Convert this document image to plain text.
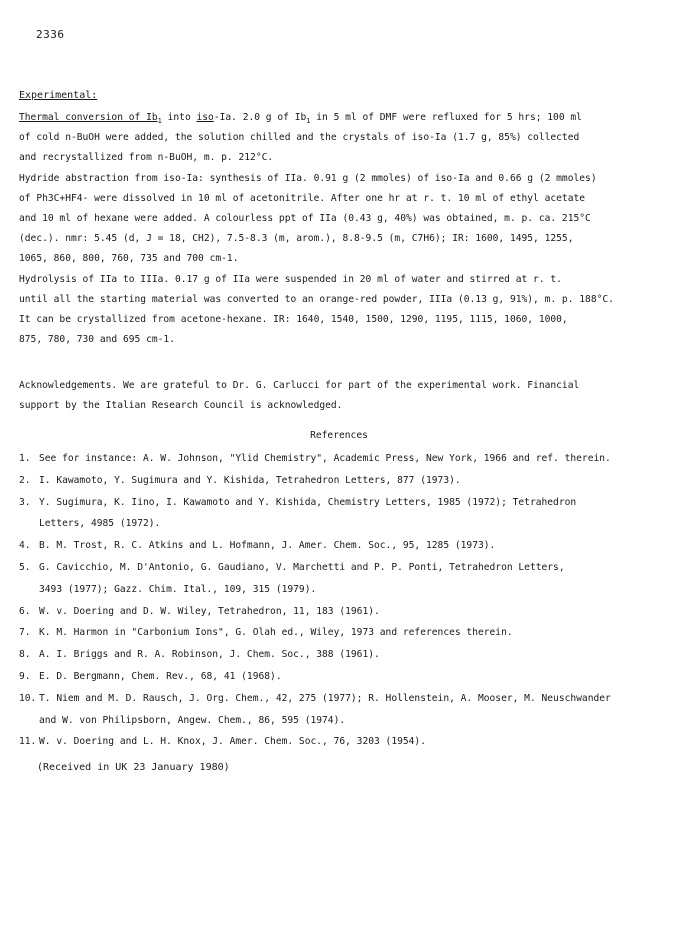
2336
Experimental:
Thermal conversion of $Ib_1$ into iso-Ia. 2.0 g of $Ib_1$ in 5 ml of DMF were refluxed for 5 hrs; 100 ml
of cold n-BuOH were added, the solution chilled and the crystals of iso-Ia (1.7 g, 85%) collected
and recrystallized from n-BuOH, m. p. 212°C.
Hydride abstraction from iso-Ia: synthesis of IIa. 0.91 g (2 mmoles) of iso-Ia and 0.66 g (2 mmoles)
of Ph3C+HF4- were dissolved in 10 ml of acetonitrile. After one hr at r. t. 10 ml of ethyl acetate
and 10 ml of hexane were added. A colourless ppt of IIa (0.43 g, 40%) was obtained, m. p. ca. 215°C
(dec.). nmr: 5.45 (d, J = 18, CH2), 7.5-8.3 (m, arom.), 8.8-9.5 (m, C7H6); IR: 1600, 1495, 1255,
1065, 860, 800, 760, 735 and 700 cm-1.
Hydrolysis of IIa to IIIa. 0.17 g of IIa were suspended in 20 ml of water and stirred at r. t.
until all the starting material was converted to an orange-red powder, IIIa (0.13 g, 91%), m. p. 188°C.
It can be crystallized from acetone-hexane. IR: 1640, 1540, 1500, 1290, 1195, 1115, 1060, 1000,
875, 780, 730 and 695 cm-1.
Acknowledgements. We are grateful to Dr. G. Carlucci for part of the experimental work. Financial
support by the Italian Research Council is acknowledged.
References
1. See for instance: A. W. Johnson, "Ylid Chemistry", Academic Press, New York, 1966 and ref. therein.
2. I. Kawamoto, Y. Sugimura and Y. Kishida, Tetrahedron Letters, 877 (1973).
3. Y. Sugimura, K. Iino, I. Kawamoto and Y. Kishida, Chemistry Letters, 1985 (1972); Tetrahedron
Letters, 4985 (1972).
4. B. M. Trost, R. C. Atkins and L. Hofmann, J. Amer. Chem. Soc., 95, 1285 (1973).
5. G. Cavicchio, M. D'Antonio, G. Gaudiano, V. Marchetti and P. P. Ponti, Tetrahedron Letters,
3493 (1977); Gazz. Chim. Ital., 109, 315 (1979).
6. W. v. Doering and D. W. Wiley, Tetrahedron, 11, 183 (1961).
7. K. M. Harmon in "Carbonium Ions", G. Olah ed., Wiley, 1973 and references therein.
8. A. I. Briggs and R. A. Robinson, J. Chem. Soc., 388 (1961).
9. E. D. Bergmann, Chem. Rev., 68, 41 (1968).
10. T. Niem and M. D. Rausch, J. Org. Chem., 42, 275 (1977); R. Hollenstein, A. Mooser, M. Neuschwander
and W. von Philipsborn, Angew. Chem., 86, 595 (1974).
11. W. v. Doering and L. H. Knox, J. Amer. Chem. Soc., 76, 3203 (1954).
(Received in UK 23 January 1980)
